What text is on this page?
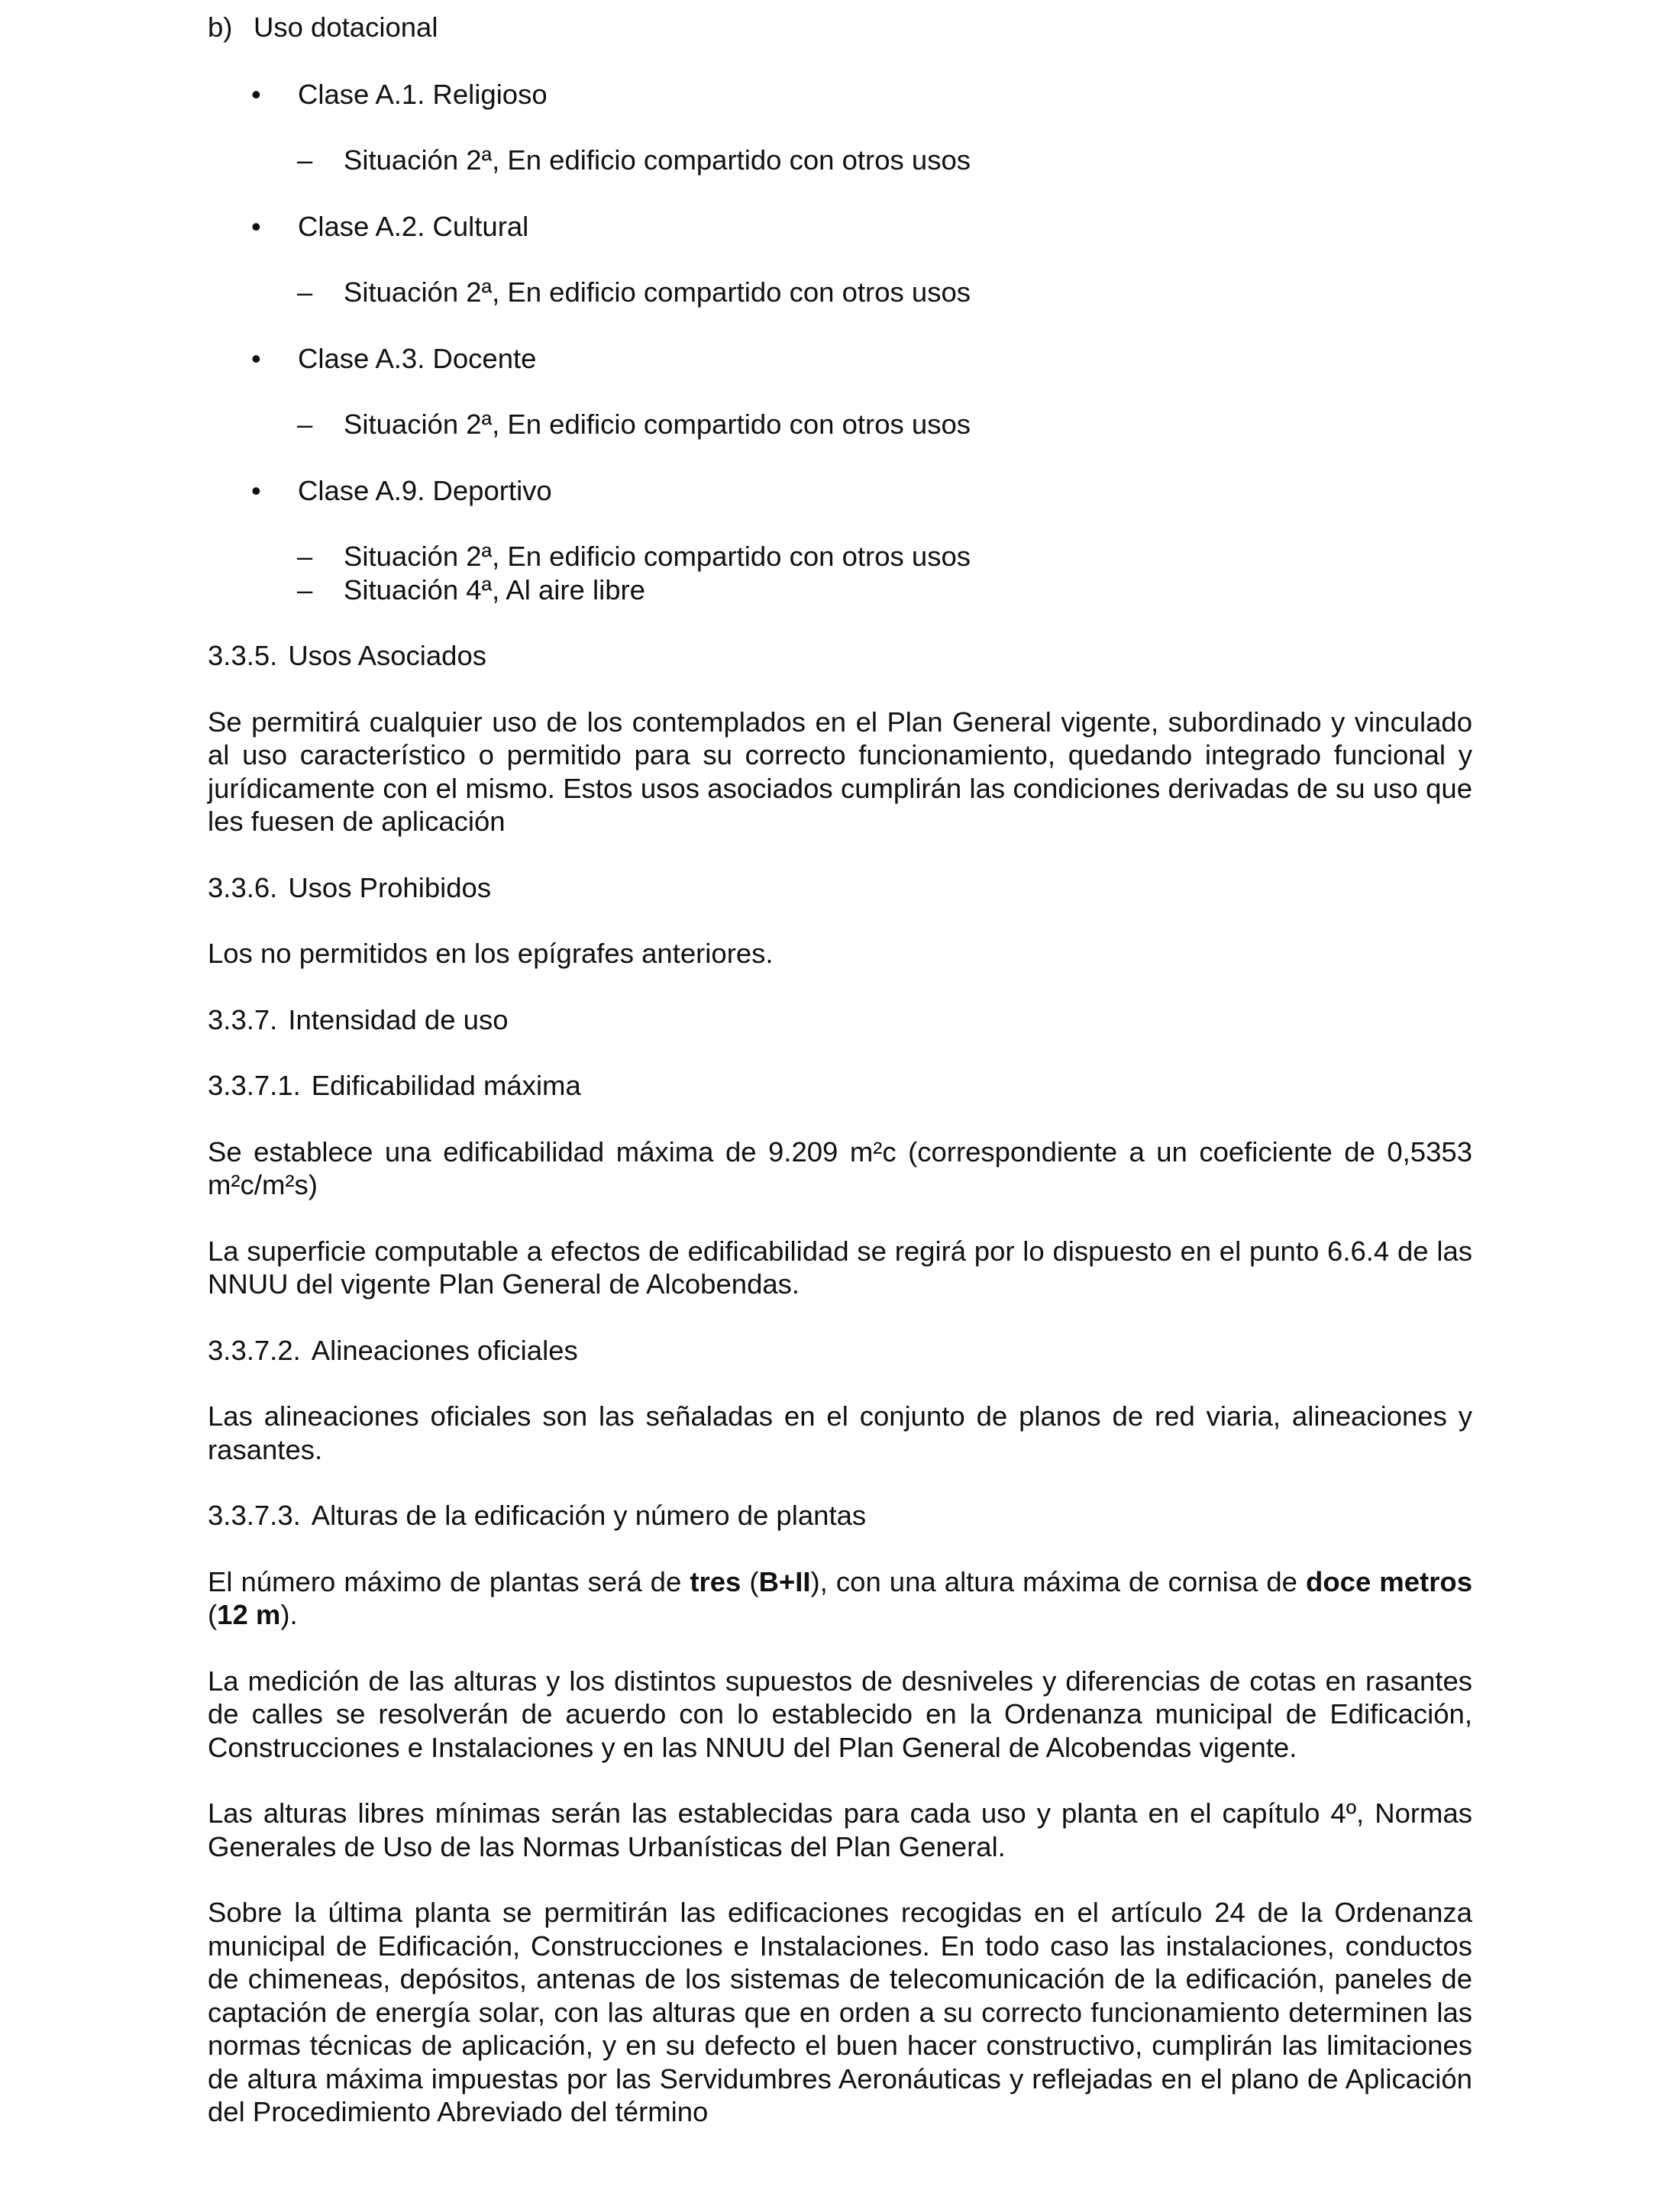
b) Uso dotacional

• Clase A.1. Religioso

– Situación 2ª, En edificio compartido con otros usos

• Clase A.2. Cultural

– Situación 2ª, En edificio compartido con otros usos

• Clase A.3. Docente

– Situación 2ª, En edificio compartido con otros usos

• Clase A.9. Deportivo

– Situación 2ª, En edificio compartido con otros usos

– Situación 4ª, Al aire libre

3.3.5. Usos Asociados

Se permitirá cualquier uso de los contemplados en el Plan General vigente, subordinado y vinculado al uso característico o permitido para su correcto funcionamiento, quedando integrado funcional y jurídicamente con el mismo. Estos usos asociados cumplirán las condiciones derivadas de su uso que les fuesen de aplicación

3.3.6. Usos Prohibidos

Los no permitidos en los epígrafes anteriores.

3.3.7. Intensidad de uso

3.3.7.1. Edificabilidad máxima

Se establece una edificabilidad máxima de 9.209 m²c (correspondiente a un coeficiente de 0,5353 m²c/m²s)

La superficie computable a efectos de edificabilidad se regirá por lo dispuesto en el punto 6.6.4 de las NNUU del vigente Plan General de Alcobendas.

3.3.7.2. Alineaciones oficiales

Las alineaciones oficiales son las señaladas en el conjunto de planos de red viaria, alineaciones y rasantes.

3.3.7.3. Alturas de la edificación y número de plantas

El número máximo de plantas será de tres (B+II), con una altura máxima de cornisa de doce metros (12 m).

La medición de las alturas y los distintos supuestos de desniveles y diferencias de cotas en rasantes de calles se resolverán de acuerdo con lo establecido en la Ordenanza municipal de Edificación, Construcciones e Instalaciones y en las NNUU del Plan General de Alcobendas vigente.

Las alturas libres mínimas serán las establecidas para cada uso y planta en el capítulo 4º, Normas Generales de Uso de las Normas Urbanísticas del Plan General.

Sobre la última planta se permitirán las edificaciones recogidas en el artículo 24 de la Ordenanza municipal de Edificación, Construcciones e Instalaciones. En todo caso las instalaciones, conductos de chimeneas, depósitos, antenas de los sistemas de telecomunicación de la edificación, paneles de captación de energía solar, con las alturas que en orden a su correcto funcionamiento determinen las normas técnicas de aplicación, y en su defecto el buen hacer constructivo, cumplirán las limitaciones de altura máxima impuestas por las Servidumbres Aeronáuticas y reflejadas en el plano de Aplicación del Procedimiento Abreviado del término
